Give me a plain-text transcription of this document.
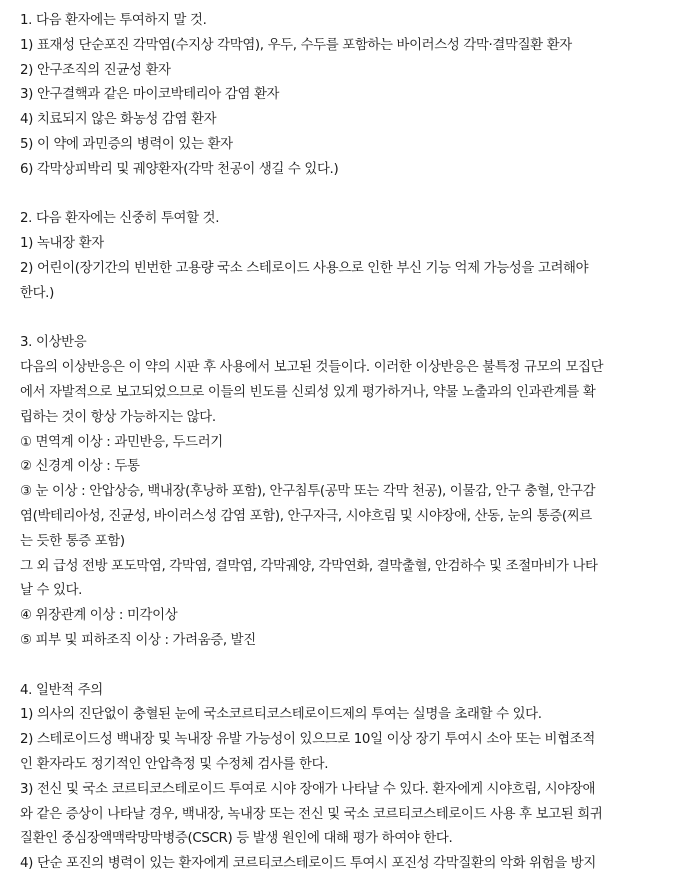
1. 다음 환자에는 투여하지 말 것.
1) 표재성 단순포진 각막염(수지상 각막염), 우두, 수두를 포함하는 바이러스성 각막·결막질환 환자
2) 안구조직의 진균성 환자
3) 안구결핵과 같은 마이코박테리아 감염 환자
4) 치료되지 않은 화농성 감염 환자
5) 이 약에 과민증의 병력이 있는 환자
6) 각막상피박리 및 궤양환자(각막 천공이 생길 수 있다.)
2. 다음 환자에는 신중히 투여할 것.
1) 녹내장 환자
2) 어린이(장기간의 빈번한 고용량 국소 스테로이드 사용으로 인한 부신 기능 억제 가능성을 고려해야
한다.)
3. 이상반응
다음의 이상반응은 이 약의 시판 후 사용에서 보고된 것들이다. 이러한 이상반응은 불특정 규모의 모집단
에서 자발적으로 보고되었으므로 이들의 빈도를 신뢰성 있게 평가하거나, 약물 노출과의 인과관계를 확
립하는 것이 항상 가능하지는 않다.
① 면역계 이상 : 과민반응, 두드러기
② 신경계 이상 : 두통
③ 눈 이상 : 안압상승, 백내장(후낭하 포함), 안구침투(공막 또는 각막 천공), 이물감, 안구 충혈, 안구감
염(박테리아성, 진균성, 바이러스성 감염 포함), 안구자극, 시야흐림 및 시야장애, 산동, 눈의 통증(찌르
는 듯한 통증 포함)
그 외 급성 전방 포도막염, 각막염, 결막염, 각막궤양, 각막연화, 결막출혈, 안검하수 및 조절마비가 나타
날 수 있다.
④ 위장관계 이상 : 미각이상
⑤ 피부 및 피하조직 이상 : 가려움증, 발진
4. 일반적 주의
1) 의사의 진단없이 충혈된 눈에 국소코르티코스테로이드제의 투여는 실명을 초래할 수 있다.
2) 스테로이드성 백내장 및 녹내장 유발 가능성이 있으므로 10일 이상 장기 투여시 소아 또는 비협조적
인 환자라도 정기적인 안압측정 및 수정체 검사를 한다.
3) 전신 및 국소 코르티코스테로이드 투여로 시야 장애가 나타날 수 있다. 환자에게 시야흐림, 시야장애
와 같은 증상이 나타날 경우, 백내장, 녹내장 또는 전신 및 국소 코르티코스테로이드 사용 후 보고된 희귀
질환인 중심장액맥락망막병증(CSCR) 등 발생 원인에 대해 평가 하여야 한다.
4) 단순 포진의 병력이 있는 환자에게 코르티코스테로이드 투여시 포진성 각막질환의 악화 위험을 방지
